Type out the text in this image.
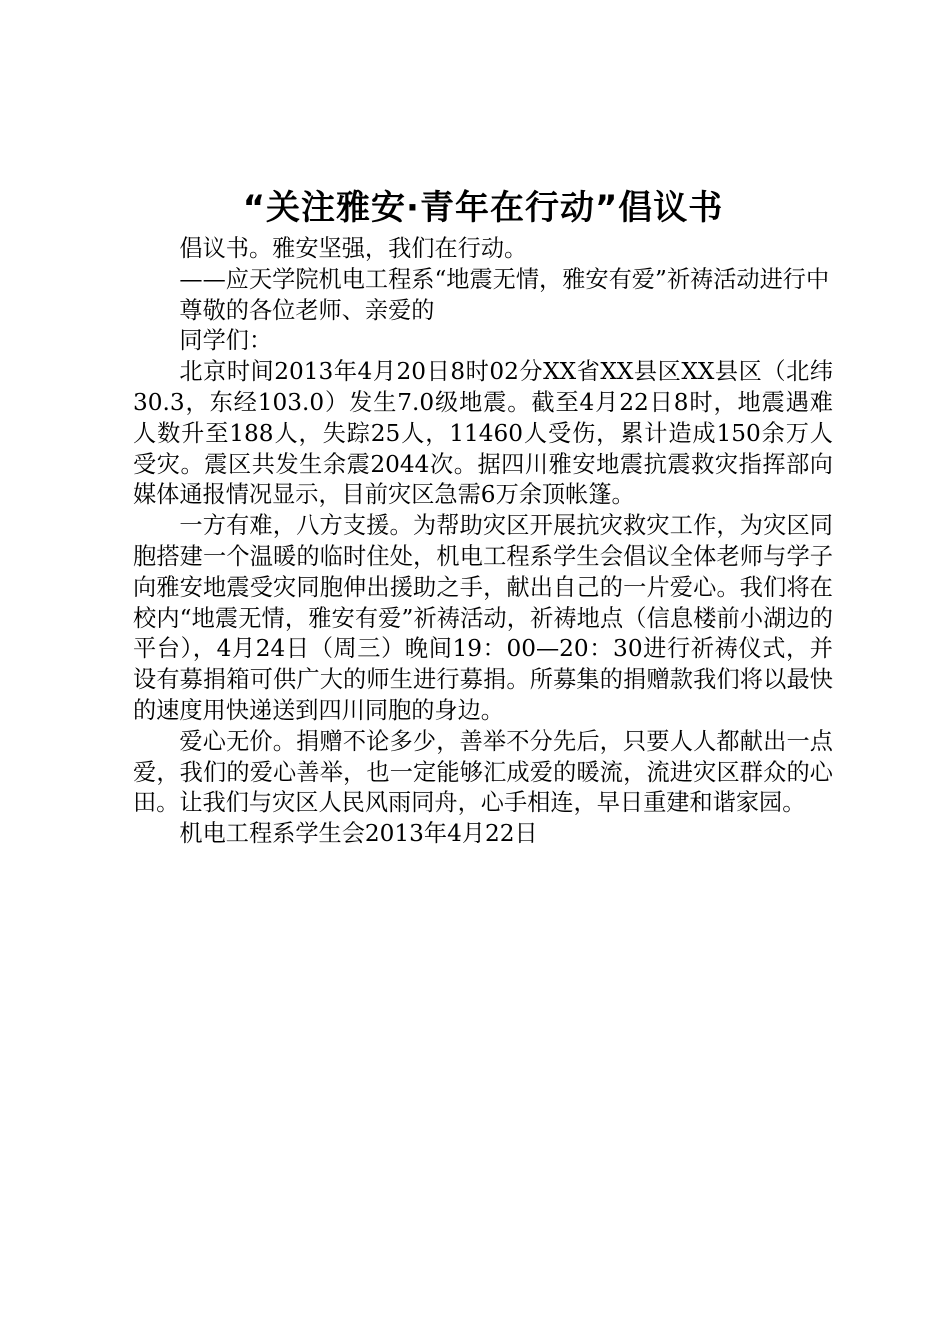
“关注雅安·青年在行动”倡议书

倡议书。雅安坚强，我们在行动。

——应天学院机电工程系“地震无情，雅安有爱”祈祷活动进行中

尊敬的各位老师、亲爱的

同学们：

北京时间2013年4月20日8时02分XX省XX县区XX县区（北纬30.3，东经103.0）发生7.0级地震。截至4月22日8时，地震遇难人数升至188人，失踪25人，11460人受伤，累计造成150余万人受灾。震区共发生余震2044次。据四川雅安地震抗震救灾指挥部向媒体通报情况显示，目前灾区急需6万余顶帐篷。

一方有难，八方支援。为帮助灾区开展抗灾救灾工作，为灾区同胞搭建一个温暖的临时住处，机电工程系学生会倡议全体老师与学子向雅安地震受灾同胞伸出援助之手，献出自己的一片爱心。我们将在校内“地震无情，雅安有爱”祈祷活动，祈祷地点（信息楼前小湖边的平台），4月24日（周三）晚间19：00—20：30进行祈祷仪式，并设有募捐箱可供广大的师生进行募捐。所募集的捐赠款我们将以最快的速度用快递送到四川同胞的身边。

爱心无价。捐赠不论多少，善举不分先后，只要人人都献出一点爱，我们的爱心善举，也一定能够汇成爱的暖流，流进灾区群众的心田。让我们与灾区人民风雨同舟，心手相连，早日重建和谐家园。

机电工程系学生会2013年4月22日
